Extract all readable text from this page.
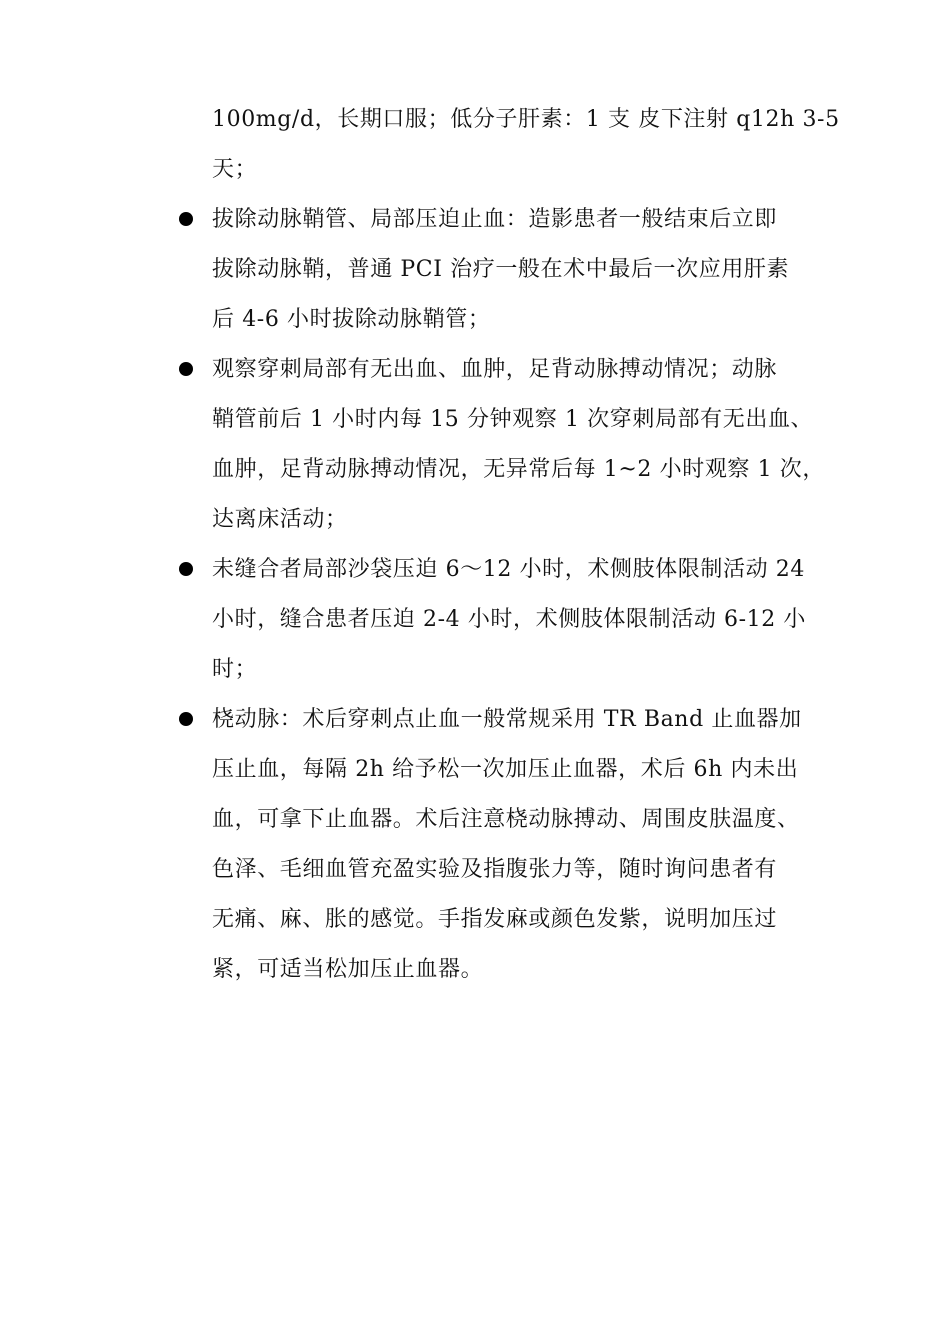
100mg/d，长期口服；低分子肝素：1 支 皮下注射 q12h 3-5
天；
拔除动脉鞘管、局部压迫止血：造影患者一般结束后立即
拔除动脉鞘，普通 PCI 治疗一般在术中最后一次应用肝素
后 4-6 小时拔除动脉鞘管；
观察穿刺局部有无出血、血肿，足背动脉搏动情况；动脉
鞘管前后 1 小时内每 15 分钟观察 1 次穿刺局部有无出血、
血肿，足背动脉搏动情况，无异常后每 1~2 小时观察 1 次，
达离床活动；
未缝合者局部沙袋压迫 6～12 小时，术侧肢体限制活动 24
小时，缝合患者压迫 2-4 小时，术侧肢体限制活动 6-12 小
时；
桡动脉：术后穿刺点止血一般常规采用 TR Band 止血器加
压止血，每隔 2h 给予松一次加压止血器，术后 6h 内未出
血，可拿下止血器。术后注意桡动脉搏动、周围皮肤温度、
色泽、毛细血管充盈实验及指腹张力等，随时询问患者有
无痛、麻、胀的感觉。手指发麻或颜色发紫，说明加压过
紧，可适当松加压止血器。
